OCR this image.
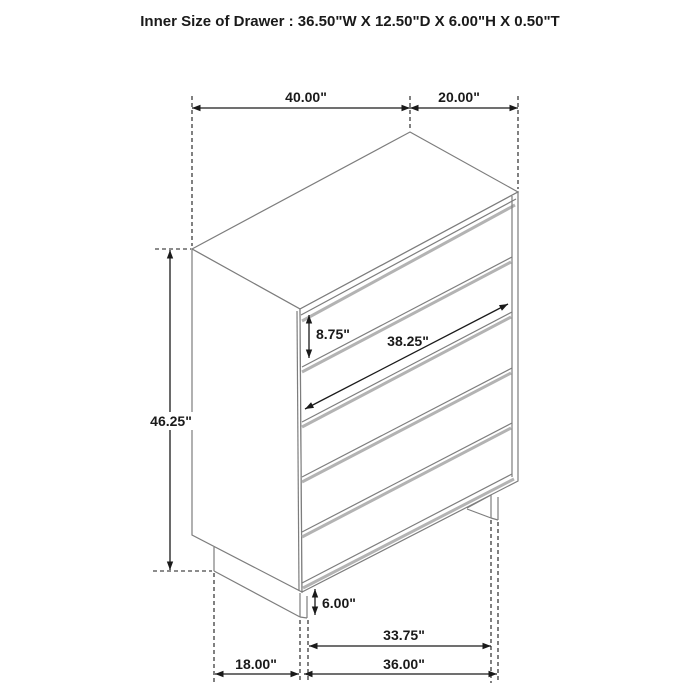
Inner Size of Drawer : 36.50"W X 12.50"D X 6.00"H X 0.50"T
40.00"	20.00"
46.25"
8.75"	38.25"
6.00"
33.75"
36.00"
18.00"
